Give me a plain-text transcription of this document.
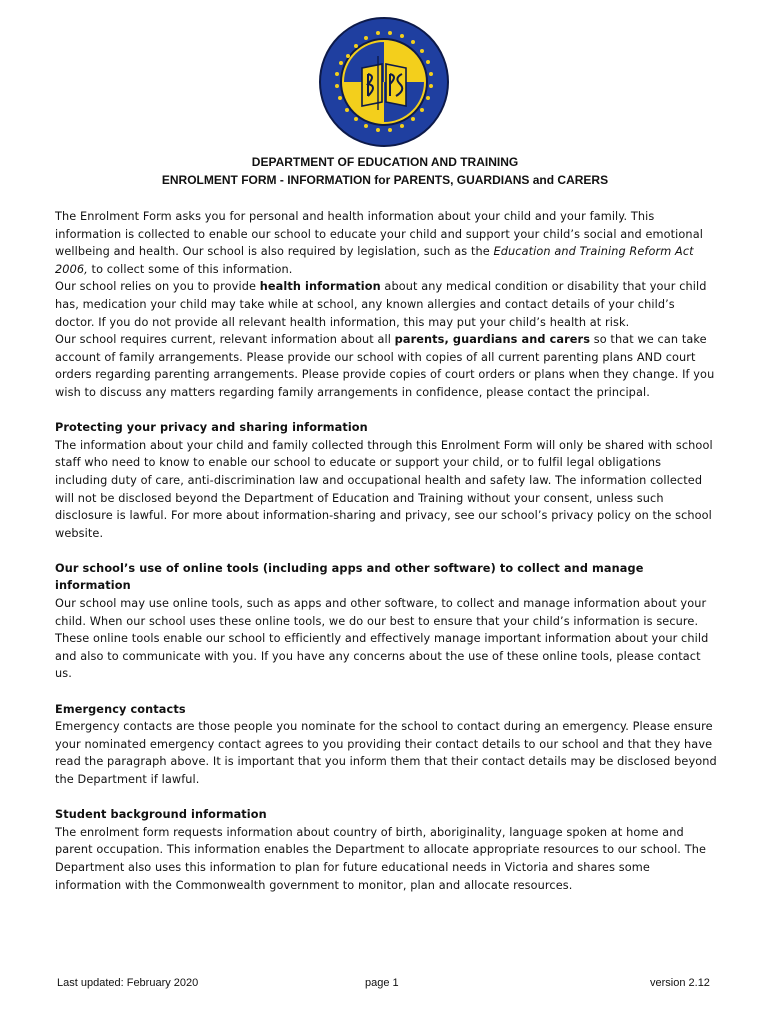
DEPARTMENT OF EDUCATION AND TRAINING
ENROLMENT FORM - INFORMATION for PARENTS, GUARDIANS and CARERS

The Enrolment Form asks you for personal and health information about your child and your family. This information is collected to enable our school to educate your child and support your child’s social and emotional wellbeing and health. Our school is also required by legislation, such as the Education and Training Reform Act 2006, to collect some of this information.

Our school relies on you to provide health information about any medical condition or disability that your child has, medication your child may take while at school, any known allergies and contact details of your child’s doctor. If you do not provide all relevant health information, this may put your child’s health at risk.

Our school requires current, relevant information about all parents, guardians and carers so that we can take account of family arrangements. Please provide our school with copies of all current parenting plans AND court orders regarding parenting arrangements. Please provide copies of court orders or plans when they change. If you wish to discuss any matters regarding family arrangements in confidence, please contact the principal.

Protecting your privacy and sharing information

The information about your child and family collected through this Enrolment Form will only be shared with school staff who need to know to enable our school to educate or support your child, or to fulfil legal obligations including duty of care, anti-discrimination law and occupational health and safety law. The information collected will not be disclosed beyond the Department of Education and Training without your consent, unless such disclosure is lawful. For more about information-sharing and privacy, see our school’s privacy policy on the school website.

Our school’s use of online tools (including apps and other software) to collect and manage information

Our school may use online tools, such as apps and other software, to collect and manage information about your child. When our school uses these online tools, we do our best to ensure that your child’s information is secure. These online tools enable our school to efficiently and effectively manage important information about your child and also to communicate with you. If you have any concerns about the use of these online tools, please contact us.

Emergency contacts

Emergency contacts are those people you nominate for the school to contact during an emergency. Please ensure your nominated emergency contact agrees to you providing their contact details to our school and that they have read the paragraph above. It is important that you inform them that their contact details may be disclosed beyond the Department if lawful.

Student background information

The enrolment form requests information about country of birth, aboriginality, language spoken at home and parent occupation. This information enables the Department to allocate appropriate resources to our school. The Department also uses this information to plan for future educational needs in Victoria and shares some information with the Commonwealth government to monitor, plan and allocate resources.

Last updated: February 2020	page 1	version 2.12
